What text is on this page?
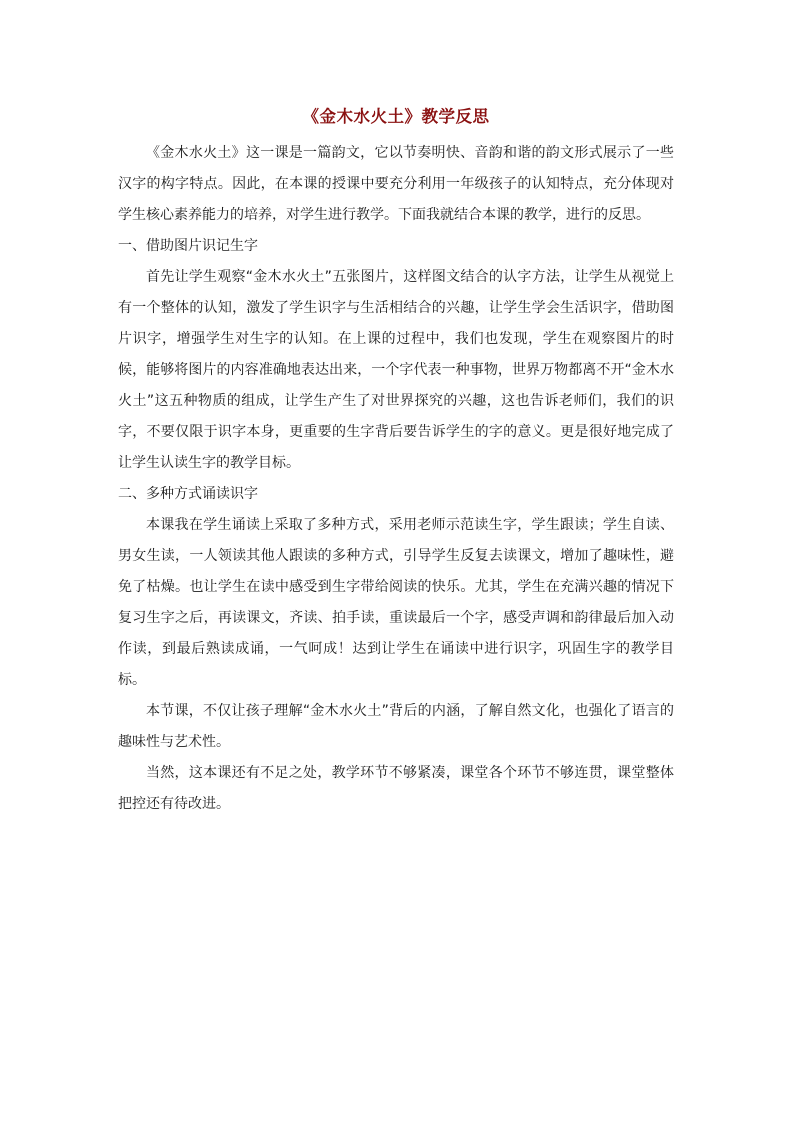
《金木水火土》教学反思

《金木水火土》这一课是一篇韵文，它以节奏明快、音韵和谐的韵文形式展示了一些汉字的构字特点。因此，在本课的授课中要充分利用一年级孩子的认知特点，充分体现对学生核心素养能力的培养，对学生进行教学。下面我就结合本课的教学，进行的反思。

一、借助图片识记生字

首先让学生观察“金木水火土”五张图片，这样图文结合的认字方法，让学生从视觉上有一个整体的认知，激发了学生识字与生活相结合的兴趣，让学生学会生活识字，借助图片识字，增强学生对生字的认知。在上课的过程中，我们也发现，学生在观察图片的时候，能够将图片的内容准确地表达出来，一个字代表一种事物，世界万物都离不开“金木水火土”这五种物质的组成，让学生产生了对世界探究的兴趣，这也告诉老师们，我们的识字，不要仅限于识字本身，更重要的生字背后要告诉学生的字的意义。更是很好地完成了让学生认读生字的教学目标。

二、多种方式诵读识字

本课我在学生诵读上采取了多种方式，采用老师示范读生字，学生跟读；学生自读、男女生读，一人领读其他人跟读的多种方式，引导学生反复去读课文，增加了趣味性，避免了枯燥。也让学生在读中感受到生字带给阅读的快乐。尤其，学生在充满兴趣的情况下复习生字之后，再读课文，齐读、拍手读，重读最后一个字，感受声调和韵律最后加入动作读，到最后熟读成诵，一气呵成！达到让学生在诵读中进行识字，巩固生字的教学目标。

本节课，不仅让孩子理解“金木水火土”背后的内涵，了解自然文化，也强化了语言的趣味性与艺术性。

当然，这本课还有不足之处，教学环节不够紧凑，课堂各个环节不够连贯，课堂整体把控还有待改进。
